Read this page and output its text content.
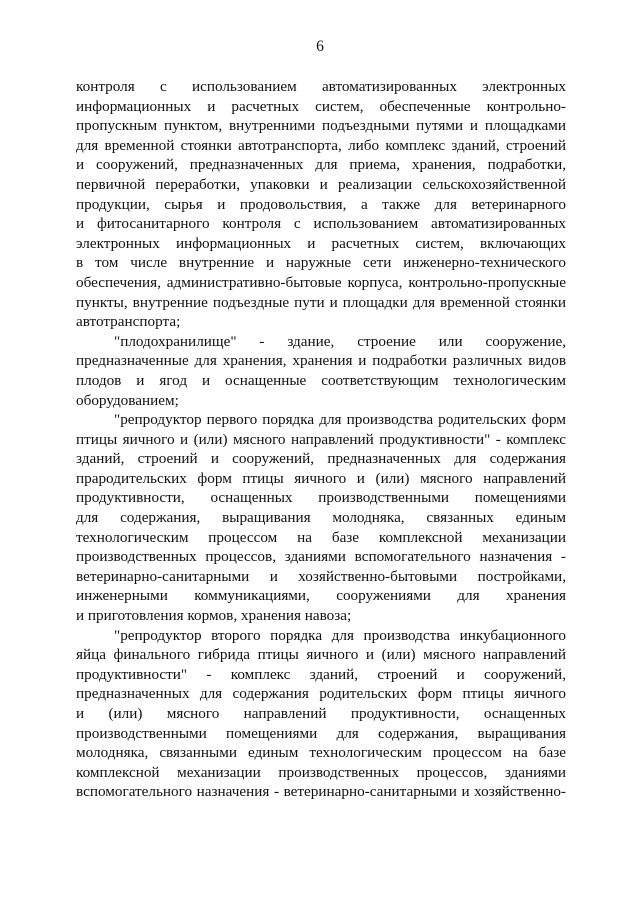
6

контроля с использованием автоматизированных электронных

информационных и расчетных систем, обеспеченные контрольно-

пропускным пунктом, внутренними подъездными путями и площадками

для временной стоянки автотранспорта, либо комплекс зданий, строений

и сооружений, предназначенных для приема, хранения, подработки,

первичной переработки, упаковки и реализации сельскохозяйственной

продукции, сырья и продовольствия, а также для ветеринарного

и фитосанитарного контроля с использованием автоматизированных

электронных информационных и расчетных систем, включающих

в том числе внутренние и наружные сети инженерно-технического

обеспечения, административно-бытовые корпуса, контрольно-пропускные

пункты, внутренние подъездные пути и площадки для временной стоянки

автотранспорта;

"плодохранилище" - здание, строение или сооружение,

предназначенные для хранения, хранения и подработки различных видов

плодов и ягод и оснащенные соответствующим технологическим

оборудованием;

"репродуктор первого порядка для производства родительских форм

птицы яичного и (или) мясного направлений продуктивности" - комплекс

зданий, строений и сооружений, предназначенных для содержания

прародительских форм птицы яичного и (или) мясного направлений

продуктивности, оснащенных производственными помещениями

для содержания, выращивания молодняка, связанных единым

технологическим процессом на базе комплексной механизации

производственных процессов, зданиями вспомогательного назначения -

ветеринарно-санитарными и хозяйственно-бытовыми постройками,

инженерными коммуникациями, сооружениями для хранения

и приготовления кормов, хранения навоза;

"репродуктор второго порядка для производства инкубационного

яйца финального гибрида птицы яичного и (или) мясного направлений

продуктивности" - комплекс зданий, строений и сооружений,

предназначенных для содержания родительских форм птицы яичного

и (или) мясного направлений продуктивности, оснащенных

производственными помещениями для содержания, выращивания

молодняка, связанными единым технологическим процессом на базе

комплексной механизации производственных процессов, зданиями

вспомогательного назначения - ветеринарно-санитарными и хозяйственно-
